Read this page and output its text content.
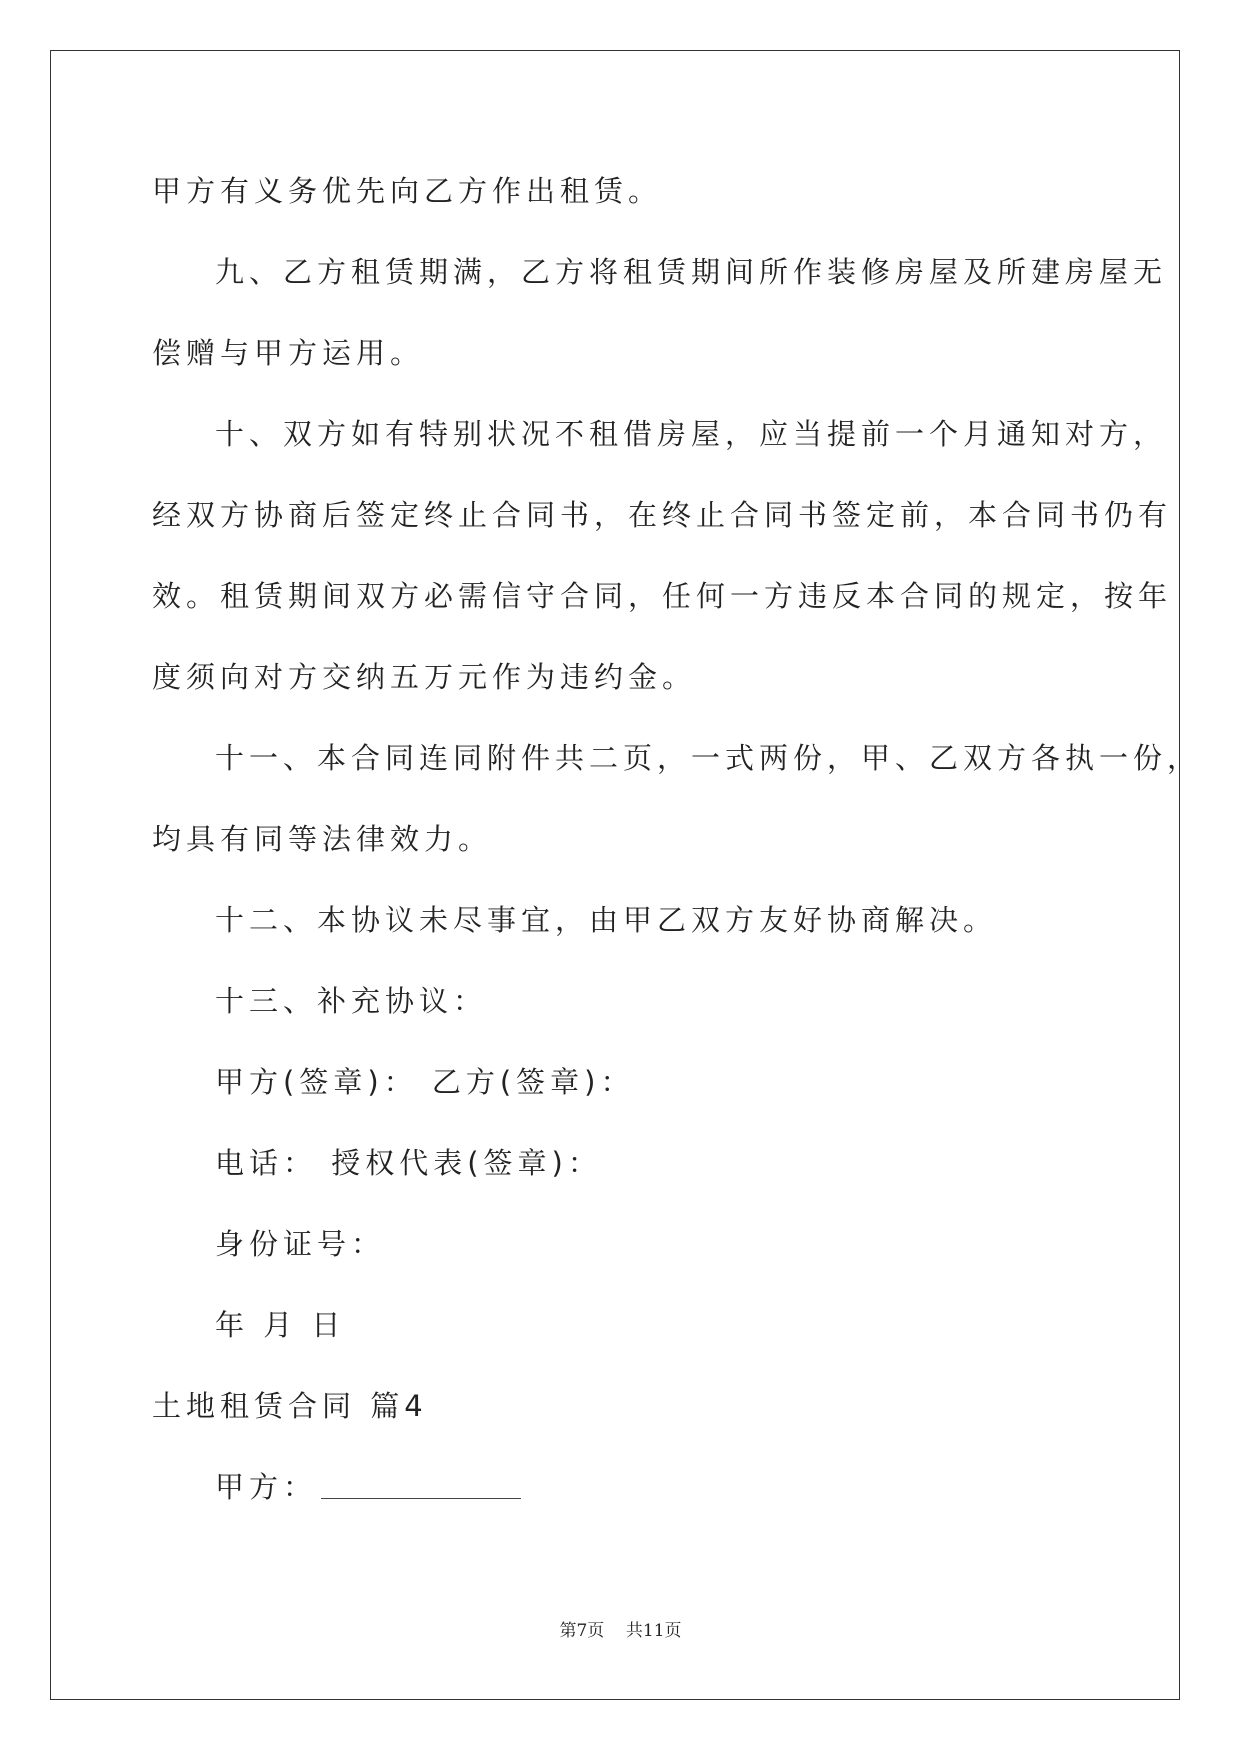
甲方有义务优先向乙方作出租赁。
九、乙方租赁期满，乙方将租赁期间所作装修房屋及所建房屋无
偿赠与甲方运用。
十、双方如有特别状况不租借房屋，应当提前一个月通知对方，
经双方协商后签定终止合同书，在终止合同书签定前，本合同书仍有
效。租赁期间双方必需信守合同，任何一方违反本合同的规定，按年
度须向对方交纳五万元作为违约金。
十一、本合同连同附件共二页，一式两份，甲、乙双方各执一份，
均具有同等法律效力。
十二、本协议未尽事宜，由甲乙双方友好协商解决。
十三、补充协议：
甲方(签章)： 乙方(签章)：
电话： 授权代表(签章)：
身份证号：
年 月 日
土地租赁合同 篇4
甲方：
第7页    共11页
